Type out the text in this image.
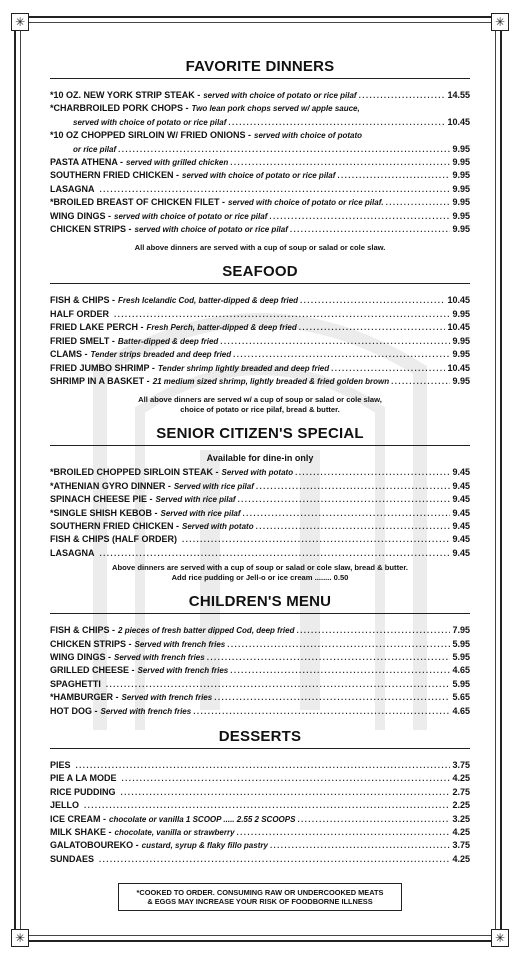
✳	✳
✳	✳
FAVORITE DINNERS
*10 OZ. NEW YORK STRIP STEAK - served with choice of potato or rice pilaf .....	14.55
*CHARBROILED PORK CHOPS - Two lean pork chops served w/ apple sauce,
served with choice of potato or rice pilaf .....	10.45
*10 OZ CHOPPED SIRLOIN W/ FRIED ONIONS - served with choice of potato
or rice pilaf .....	9.95
PASTA ATHENA - served with grilled chicken .....	9.95
SOUTHERN FRIED CHICKEN - served with choice of potato or rice pilaf .....	9.95
LASAGNA .....	9.95
*BROILED BREAST OF CHICKEN FILET - served with choice of potato or rice pilaf. .....	9.95
WING DINGS - served with choice of potato or rice pilaf .....	9.95
CHICKEN STRIPS - served with choice of potato or rice pilaf .....	9.95
All above dinners are served with a cup of soup or salad or cole slaw.
SEAFOOD
FISH & CHIPS - Fresh Icelandic Cod, batter-dipped & deep fried .....	10.45
HALF ORDER .....	9.95
FRIED LAKE PERCH - Fresh Perch, batter-dipped & deep fried .....	10.45
FRIED SMELT - Batter-dipped & deep fried .....	9.95
CLAMS - Tender strips breaded and deep fried .....	9.95
FRIED JUMBO SHRIMP - Tender shrimp lightly breaded and deep fried .....	10.45
SHRIMP IN A BASKET - 21 medium sized shrimp, lightly breaded & fried golden brown .....	9.95
All above dinners are served w/ a cup of soup or salad or cole slaw,
choice of potato or rice pilaf, bread & butter.
SENIOR CITIZEN'S SPECIAL
Available for dine-in only
*BROILED CHOPPED SIRLOIN STEAK - Served with potato .....	9.45
*ATHENIAN GYRO DINNER - Served with rice pilaf .....	9.45
SPINACH CHEESE PIE - Served with rice pilaf .....	9.45
*SINGLE SHISH KEBOB - Served with rice pilaf .....	9.45
SOUTHERN FRIED CHICKEN - Served with potato .....	9.45
FISH & CHIPS (HALF ORDER) .....	9.45
LASAGNA .....	9.45
Above dinners are served with a cup of soup or salad or cole slaw, bread & butter.
Add rice pudding or Jell-o or ice cream ........ 0.50
CHILDREN'S MENU
FISH & CHIPS - 2 pieces of fresh batter dipped Cod, deep fried .....	7.95
CHICKEN STRIPS - Served with french fries .....	5.95
WING DINGS - Served with french fries .....	5.95
GRILLED CHEESE - Served with french fries .....	4.65
SPAGHETTI .....	5.95
*HAMBURGER - Served with french fries .....	5.65
HOT DOG - Served with french fries .....	4.65
DESSERTS
PIES .....	3.75
PIE A LA MODE .....	4.25
RICE PUDDING .....	2.75
JELLO .....	2.25
ICE CREAM - chocolate or vanilla 1 SCOOP ..... 2.55 2 SCOOPS .....	3.25
MILK SHAKE - chocolate, vanilla or strawberry .....	4.25
GALATOBOUREKO - custard, syrup & flaky fillo pastry .....	3.75
SUNDAES .....	4.25
*COOKED TO ORDER. CONSUMING RAW OR UNDERCOOKED MEATS
& EGGS MAY INCREASE YOUR RISK OF FOODBORNE ILLNESS
